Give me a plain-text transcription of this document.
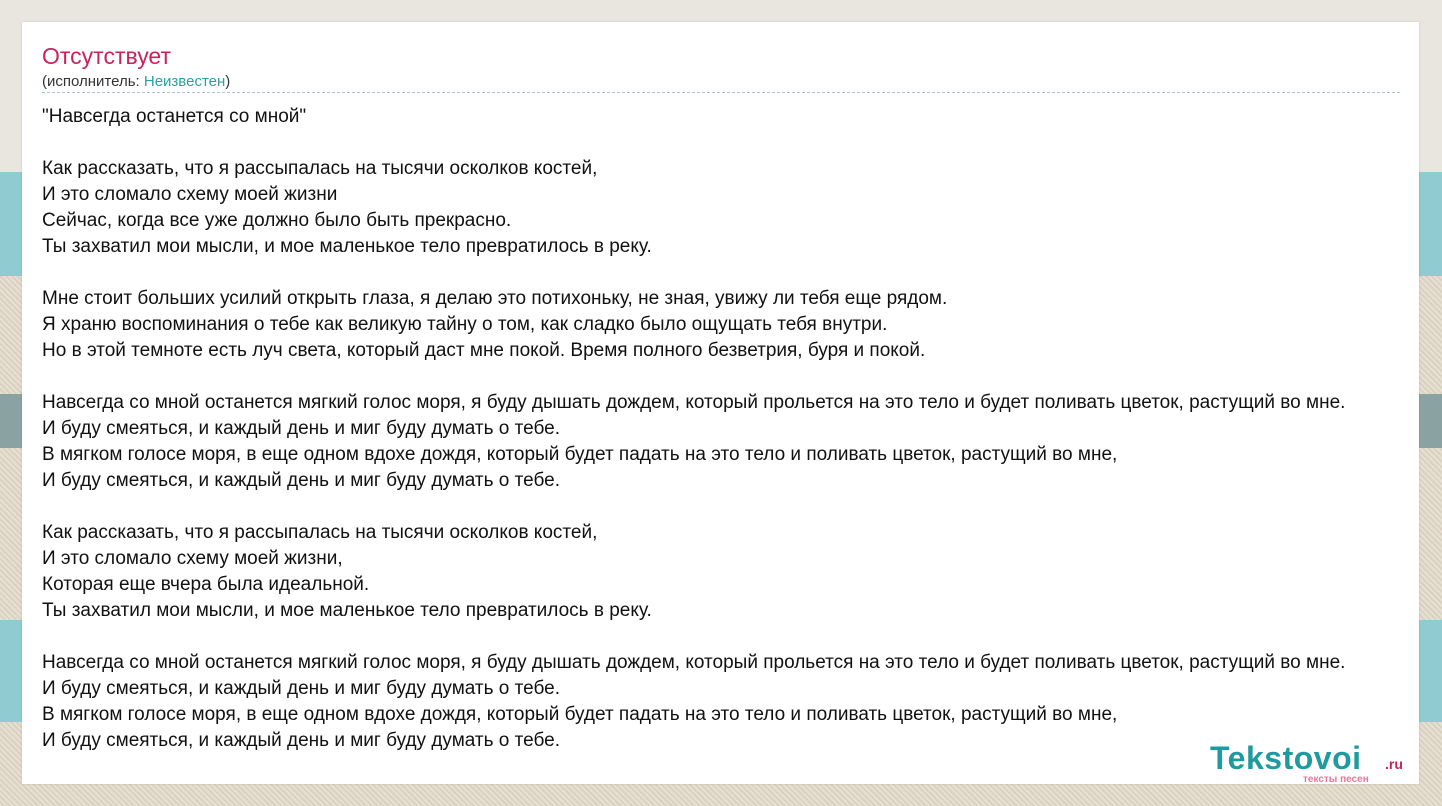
Отсутствует
(исполнитель: Неизвестен)
"Навсегда останется со мной"
Как рассказать, что я рассыпалась на тысячи осколков костей,
И это сломало схему моей жизни
Сейчас, когда все уже должно было быть прекрасно.
Ты захватил мои мысли, и мое маленькое тело превратилось в реку.
Мне стоит больших усилий открыть глаза, я делаю это потихоньку, не зная, увижу ли тебя еще рядом.
Я храню воспоминания о тебе как великую тайну о том, как сладко было ощущать тебя внутри.
Но в этой темноте есть луч света, который даст мне покой. Время полного безветрия, буря и покой.
Навсегда со мной останется мягкий голос моря, я буду дышать дождем, который прольется на это тело и будет поливать цветок, растущий во мне.
И буду смеяться, и каждый день и миг буду думать о тебе.
В мягком голосе моря, в еще одном вдохе дождя, который будет падать на это тело и поливать цветок, растущий во мне,
И буду смеяться, и каждый день и миг буду думать о тебе.
Как рассказать, что я рассыпалась на тысячи осколков костей,
И это сломало схему моей жизни,
Которая еще вчера была идеальной.
Ты захватил мои мысли, и мое маленькое тело превратилось в реку.
Навсегда со мной останется мягкий голос моря, я буду дышать дождем, который прольется на это тело и будет поливать цветок, растущий во мне.
И буду смеяться, и каждый день и миг буду думать о тебе.
В мягком голосе моря, в еще одном вдохе дождя, который будет падать на это тело и поливать цветок, растущий во мне,
И буду смеяться, и каждый день и миг буду думать о тебе.	Tekstovoi .ru
тексты песен
